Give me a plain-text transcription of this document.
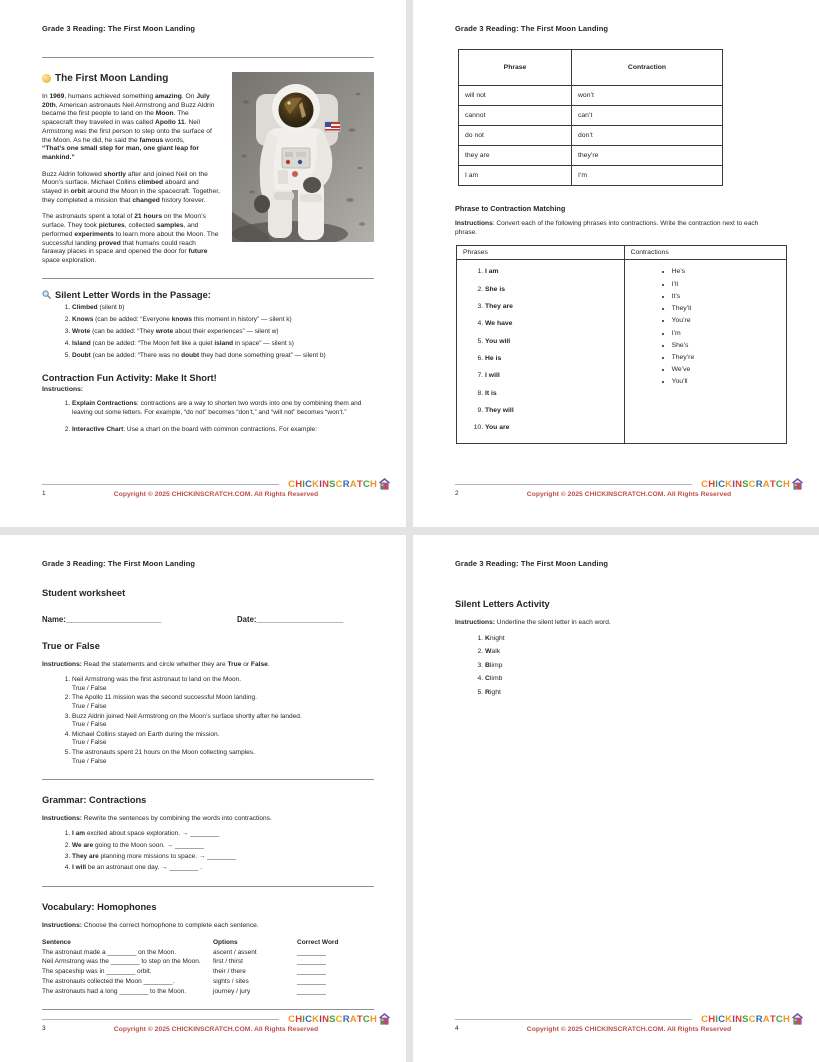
Grade 3 Reading: The First Moon Landing
The First Moon Landing

In 1969, humans achieved something amazing. On July 20th, American astronauts Neil Armstrong and Buzz Aldrin became the first people to land on the Moon. The spacecraft they traveled in was called Apollo 11. Neil Armstrong was the first person to step onto the surface of the Moon. As he did, he said the famous words,

“That’s one small step for man, one giant leap for mankind.”

Buzz Aldrin followed shortly after and joined Neil on the Moon’s surface. Michael Collins climbed aboard and stayed in orbit around the Moon in the spacecraft. Together, they completed a mission that changed history forever.

The astronauts spent a total of 21 hours on the Moon’s surface. They took pictures, collected samples, and performed experiments to learn more about the Moon. The successful landing proved that humans could reach faraway places in space and opened the door for future space exploration.

Silent Letter Words in the Passage:
1. Climbed (silent b)
2. Knows (can be added: “Everyone knows this moment in history” — silent k)
3. Wrote (can be added: “They wrote about their experiences” — silent w)
4. Island (can be added: “The Moon felt like a quiet island in space” — silent s)
5. Doubt (can be added: “There was no doubt they had done something great” — silent b)
Contraction Fun Activity: Make It Short!
Instructions:
1. Explain Contractions: contractions are a way to shorten two words into one by combining them and leaving out some letters. For example, “do not” becomes “don’t,” and “will not” becomes “won’t.”
2. Interactive Chart: Use a chart on the board with common contractions. For example:
C H I C K I N S C R A T C H
1	Copyright © 2025 CHICKINSCRATCH.COM. All Rights Reserved
Grade 3 Reading: The First Moon Landing
Phrase	Contraction
will not	won’t
cannot	can’t
do not	don’t
they are	they’re
I am	I’m
Phrase to Contraction Matching
Instructions: Convert each of the following phrases into contractions. Write the contraction next to each phrase.
Phrases	Contractions

1. I am
2. She is
3. They are
4. We have
5. You will
6. He is
7. I will
8. It is
9. They will
10. You are

• He’s
• I’ll
• It’s
• They’ll
• You’re
• I’m
• She’s
• They’re
• We’ve
• You’ll
C H I C K I N S C R A T C H
2	Copyright © 2025 CHICKINSCRATCH.COM. All Rights Reserved
Grade 3 Reading: The First Moon Landing
Student worksheet
Name:______________________	Date:____________________
True or False
Instructions: Read the statements and circle whether they are True or False.
1. Neil Armstrong was the first astronaut to land on the Moon.
True / False
2. The Apollo 11 mission was the second successful Moon landing.
True / False
3. Buzz Aldrin joined Neil Armstrong on the Moon’s surface shortly after he landed.
True / False
4. Michael Collins stayed on Earth during the mission.
True / False
5. The astronauts spent 21 hours on the Moon collecting samples.
True / False
Grammar: Contractions
Instructions: Rewrite the sentences by combining the words into contractions.
1. I am excited about space exploration. → ________
2. We are going to the Moon soon. → ________
3. They are planning more missions to space. → ________
4. I will be an astronaut one day. → ________ .
Vocabulary: Homophones
Instructions: Choose the correct homophone to complete each sentence.
Sentence	Options	Correct Word
The astronaut made a ________ on the Moon.	ascent / assent	________
Neil Armstrong was the ________ to step on the Moon.	first / thirst	________
The spaceship was in ________ orbit.	their / there	________
The astronauts collected the Moon ________.	sights / sites	________
The astronauts had a long ________ to the Moon.	journey / jury	________
C H I C K I N S C R A T C H
3	Copyright © 2025 CHICKINSCRATCH.COM. All Rights Reserved
Grade 3 Reading: The First Moon Landing
Silent Letters Activity
Instructions: Underline the silent letter in each word.
1. Knight
2. Walk
3. Blimp
4. Climb
5. Right
C H I C K I N S C R A T C H
4	Copyright © 2025 CHICKINSCRATCH.COM. All Rights Reserved
